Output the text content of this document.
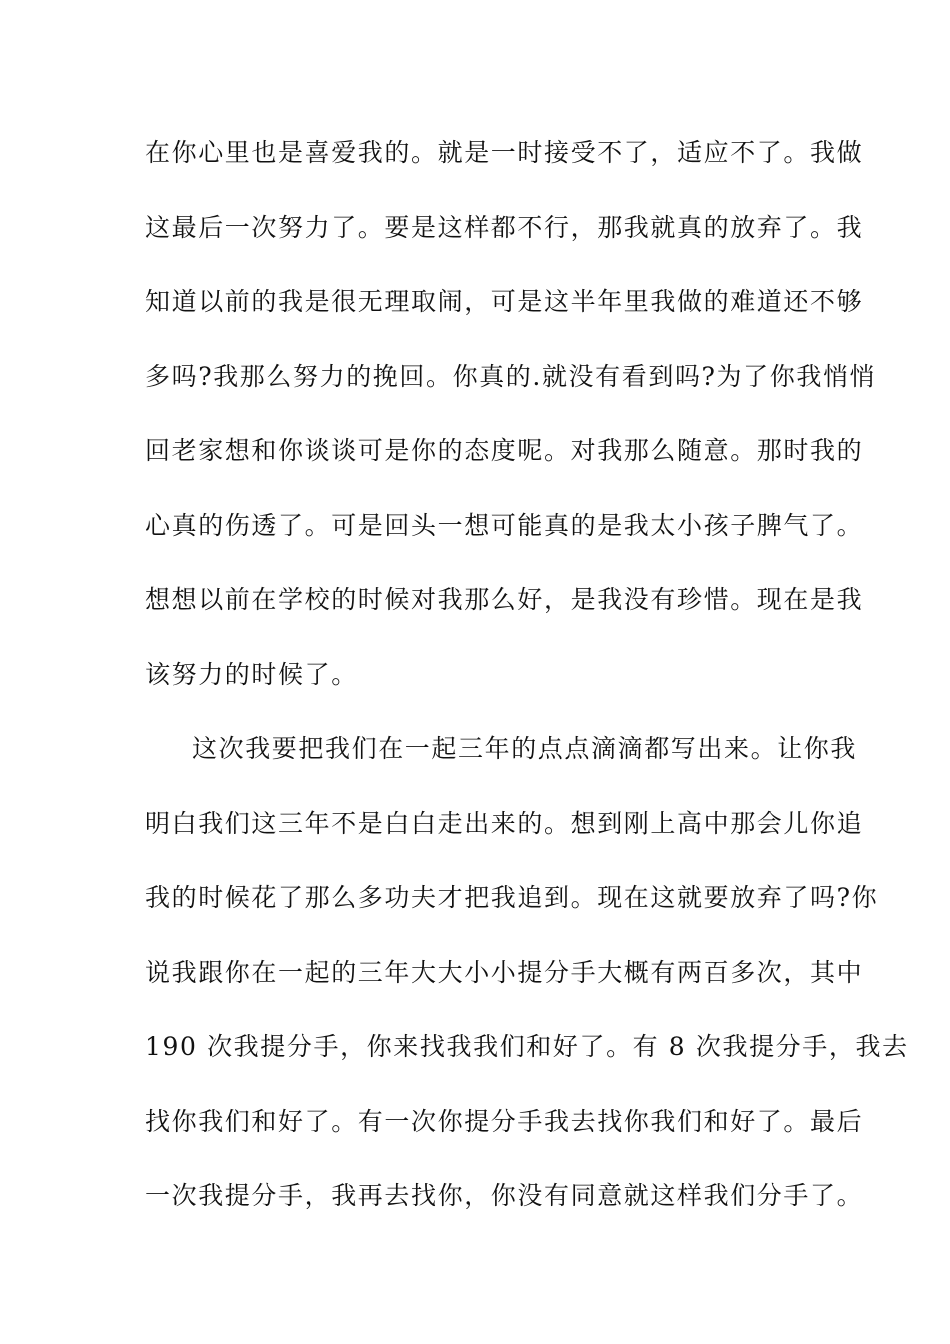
在你心里也是喜爱我的。就是一时接受不了，适应不了。我做
这最后一次努力了。要是这样都不行，那我就真的放弃了。我
知道以前的我是很无理取闹，可是这半年里我做的难道还不够
多吗?我那么努力的挽回。你真的.就没有看到吗?为了你我悄悄
回老家想和你谈谈可是你的态度呢。对我那么随意。那时我的
心真的伤透了。可是回头一想可能真的是我太小孩子脾气了。
想想以前在学校的时候对我那么好，是我没有珍惜。现在是我
该努力的时候了。
这次我要把我们在一起三年的点点滴滴都写出来。让你我
明白我们这三年不是白白走出来的。想到刚上高中那会儿你追
我的时候花了那么多功夫才把我追到。现在这就要放弃了吗?你
说我跟你在一起的三年大大小小提分手大概有两百多次，其中
190 次我提分手，你来找我我们和好了。有 8 次我提分手，我去
找你我们和好了。有一次你提分手我去找你我们和好了。最后
一次我提分手，我再去找你，你没有同意就这样我们分手了。
